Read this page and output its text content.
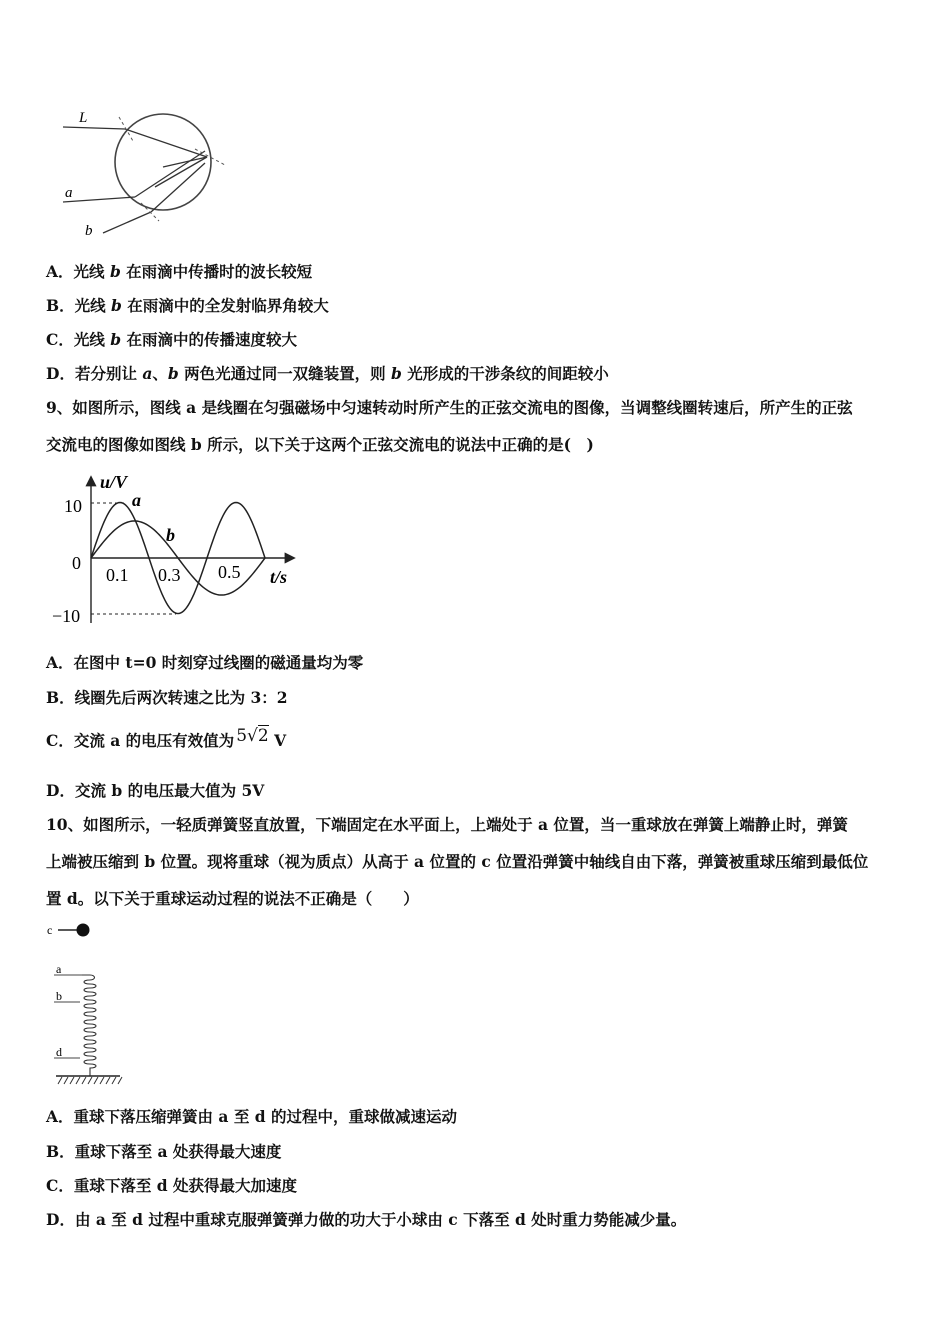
L
a
b
A．光线 b 在雨滴中传播时的波长较短
B．光线 b 在雨滴中的全发射临界角较大
C．光线 b 在雨滴中的传播速度较大
D．若分别让 a、b 两色光通过同一双缝装置，则 b 光形成的干涉条纹的间距较小
9、如图所示，图线 a 是线圈在匀强磁场中匀速转动时所产生的正弦交流电的图像，当调整线圈转速后，所产生的正弦
交流电的图像如图线 b 所示，以下关于这两个正弦交流电的说法中正确的是(　)
u/V
t/s
10
0
−10
0.1 0.3 0.5
a
b
A．在图中 t=0 时刻穿过线圈的磁通量均为零
B．线圈先后两次转速之比为 3：2
C．交流 a 的电压有效值为 5√2 V
D．交流 b 的电压最大值为 5V
10、如图所示，一轻质弹簧竖直放置，下端固定在水平面上，上端处于 a 位置，当一重球放在弹簧上端静止时，弹簧
上端被压缩到 b 位置。现将重球（视为质点）从高于 a 位置的 c 位置沿弹簧中轴线自由下落，弹簧被重球压缩到最低位
置 d。以下关于重球运动过程的说法不正确是（　　）
c
a
b
d
A．重球下落压缩弹簧由 a 至 d 的过程中，重球做减速运动
B．重球下落至 a 处获得最大速度
C．重球下落至 d 处获得最大加速度
D．由 a 至 d 过程中重球克服弹簧弹力做的功大于小球由 c 下落至 d 处时重力势能减少量。
